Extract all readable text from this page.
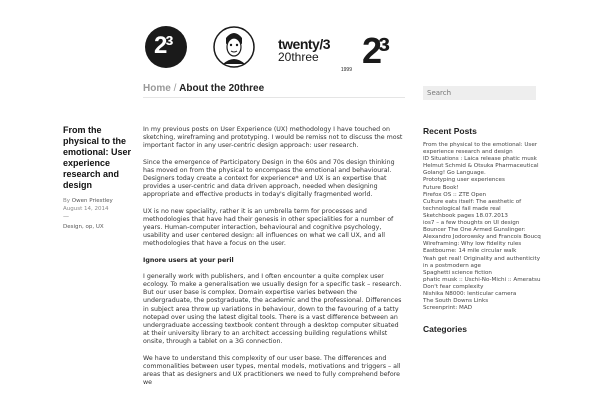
2³	twenty/3
20three
1999 2³
Home / About the 20three
Search
From the physical to the emotional: User experience research and design
By Owen Priestley
August 14, 2014
—
Design, op, UX

In my previous posts on User Experience (UX) methodology I have touched on sketching, wireframing and prototyping. I would be remiss not to discuss the most important factor in any user-centric design approach: user research.

Since the emergence of Participatory Design in the 60s and 70s design thinking has moved on from the physical to encompass the emotional and behavioural. Designers today create a context for experience* and UX is an expertise that provides a user-centric and data driven approach, needed when designing appropriate and effective products in today's digitally fragmented world.

UX is no new speciality, rather it is an umbrella term for processes and methodologies that have had their genesis in other specialities for a number of years. Human-computer interaction, behavioural and cognitive psychology, usability and user centered design: all influences on what we call UX, and all methodologies that have a focus on the user.

Ignore users at your peril

I generally work with publishers, and I often encounter a quite complex user ecology. To make a generalisation we usually design for a specific task – research. But our user base is complex. Domain expertise varies between the undergraduate, the postgraduate, the academic and the professional. Differences in subject area throw up variations in behaviour, down to the favouring of a tatty notepad over using the latest digital tools. There is a vast difference between an undergraduate accessing textbook content through a desktop computer situated at their university library to an architect accessing building regulations whilst onsite, through a tablet on a 3G connection.

We have to understand this complexity of our user base. The differences and commonalities between user types, mental models, motivations and triggers – all areas that as designers and UX practitioners we need to fully comprehend before we

Recent Posts
From the physical to the emotional: User experience research and design
ID Situations : Laica release phatic musk
Helmut Schmid & Otsuka Pharmaceutical
Golang! Go Language.
Prototyping user experiences
Future Book!
Firefox OS :: ZTE Open
Culture eats itself: The aesthetic of technological fail made real
Sketchbook pages 18.07.2013
ios7 – a few thoughts on UI design
Bouncer The One Armed Gunslinger: Alexandro Jodorowsky and Francois Boucq
Wireframing: Why low fidelity rules
Eastbourne: 14 mile circular walk
Yeah get real! Originality and authenticity in a postmodern age
Spaghetti science fiction
phatic musk :: Uschi-No-Michi :: Ameratsu
Don't fear complexity
Nishika N8000: lenticular camera
The South Downs Links
Screenprint: MAD
Categories
